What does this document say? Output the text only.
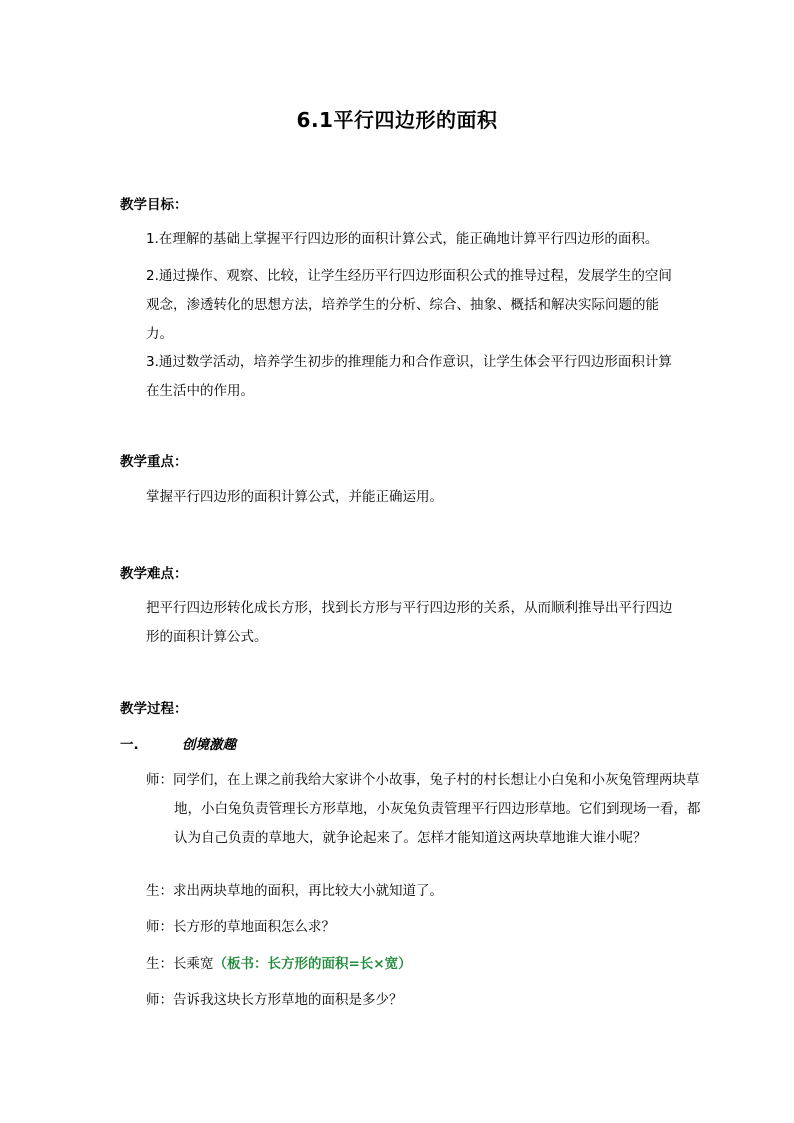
6.1平行四边形的面积
教学目标：
1.在理解的基础上掌握平行四边形的面积计算公式，能正确地计算平行四边形的面积。
2.通过操作、观察、比较，让学生经历平行四边形面积公式的推导过程，发展学生的空间观念，渗透转化的思想方法，培养学生的分析、综合、抽象、概括和解决实际问题的能力。
3.通过数学活动，培养学生初步的推理能力和合作意识，让学生体会平行四边形面积计算在生活中的作用。
教学重点：
掌握平行四边形的面积计算公式，并能正确运用。
教学难点：
把平行四边形转化成长方形，找到长方形与平行四边形的关系，从而顺利推导出平行四边形的面积计算公式。
教学过程：
一.	创境激趣
师：同学们，在上课之前我给大家讲个小故事，兔子村的村长想让小白兔和小灰兔管理两块草地，小白兔负责管理长方形草地，小灰兔负责管理平行四边形草地。它们到现场一看，都认为自己负责的草地大，就争论起来了。怎样才能知道这两块草地谁大谁小呢？
生：求出两块草地的面积，再比较大小就知道了。
师：长方形的草地面积怎么求？
生：长乘宽（板书：长方形的面积=长×宽）
师：告诉我这块长方形草地的面积是多少？
